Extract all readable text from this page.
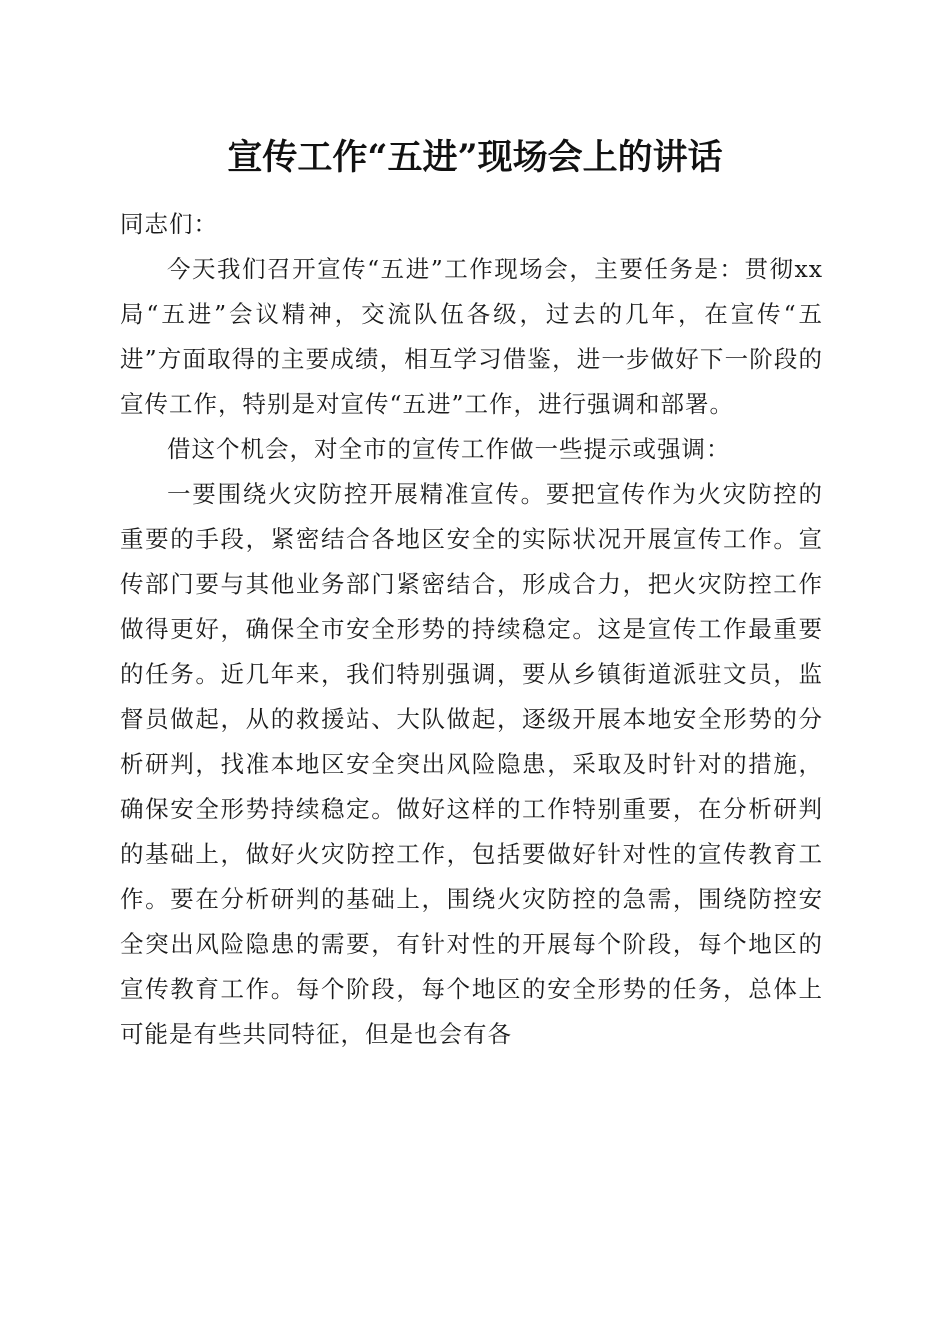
宣传工作“五进”现场会上的讲话

同志们：

今天我们召开宣传“五进”工作现场会，主要任务是：贯彻xx局“五进”会议精神，交流队伍各级，过去的几年，在宣传“五进”方面取得的主要成绩，相互学习借鉴，进一步做好下一阶段的宣传工作，特别是对宣传“五进”工作，进行强调和部署。

借这个机会，对全市的宣传工作做一些提示或强调：

一要围绕火灾防控开展精准宣传。要把宣传作为火灾防控的重要的手段，紧密结合各地区安全的实际状况开展宣传工作。宣传部门要与其他业务部门紧密结合，形成合力，把火灾防控工作做得更好，确保全市安全形势的持续稳定。这是宣传工作最重要的任务。近几年来，我们特别强调，要从乡镇街道派驻文员，监督员做起，从的救援站、大队做起，逐级开展本地安全形势的分析研判，找准本地区安全突出风险隐患，采取及时针对的措施，确保安全形势持续稳定。做好这样的工作特别重要，在分析研判的基础上，做好火灾防控工作，包括要做好针对性的宣传教育工作。要在分析研判的基础上，围绕火灾防控的急需，围绕防控安全突出风险隐患的需要，有针对性的开展每个阶段，每个地区的宣传教育工作。每个阶段，每个地区的安全形势的任务，总体上可能是有些共同特征，但是也会有各
